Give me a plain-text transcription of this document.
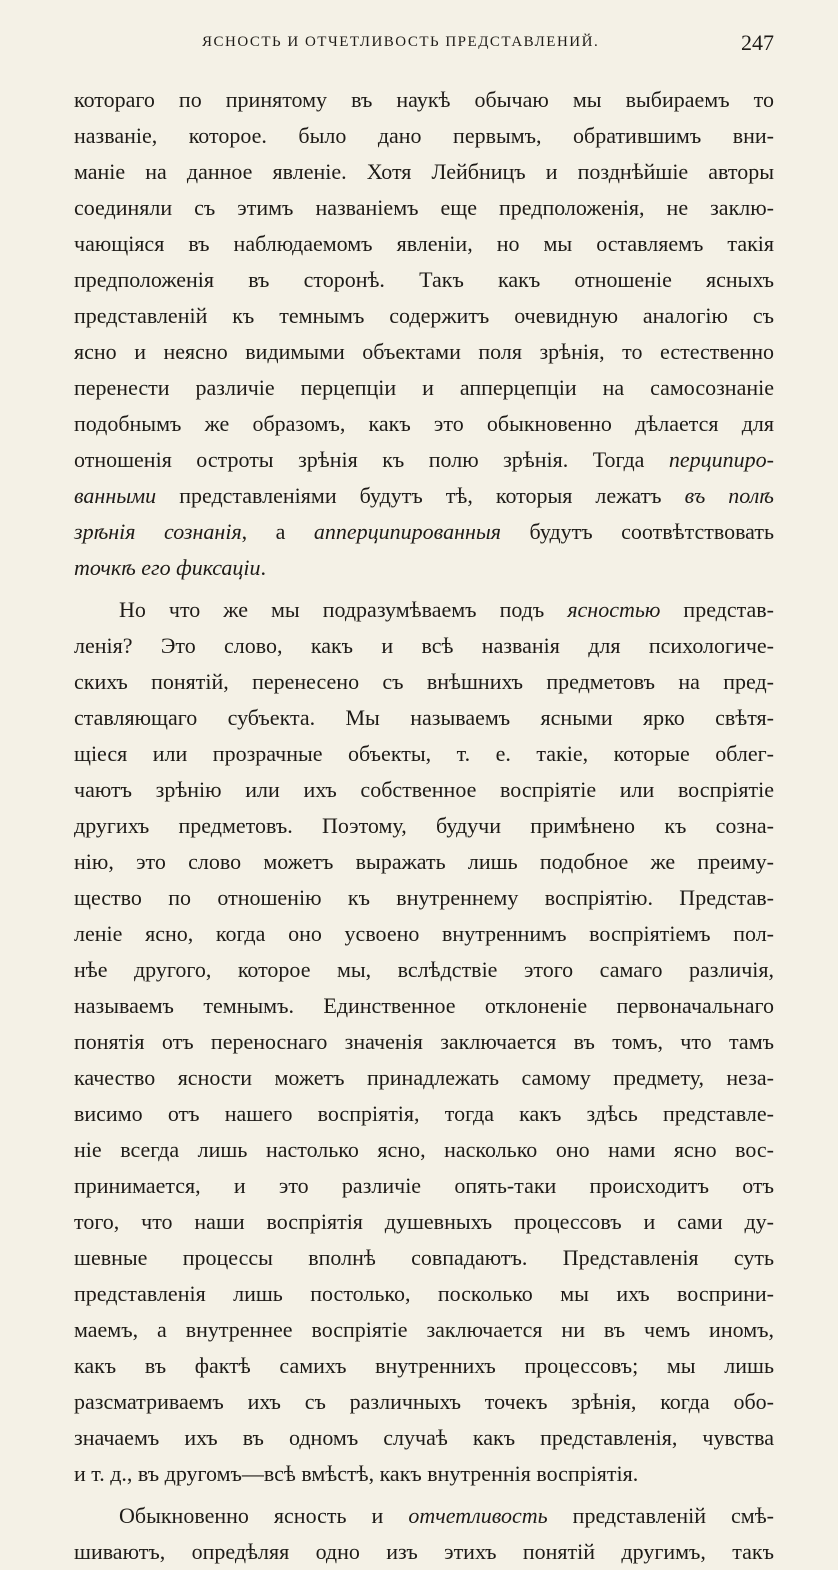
ЯСНОСТЬ И ОТЧЕТЛИВОСТЬ ПРЕДСТАВЛЕНИЙ.	247
котораго по принятому въ наукѣ обычаю мы выбираемъ то
названіе, которое. было дано первымъ, обратившимъ вни-
маніе на данное явленіе. Хотя Лейбницъ и позднѣйшіе авторы
соединяли съ этимъ названіемъ еще предположенія, не заклю-
чающіяся въ наблюдаемомъ явленіи, но мы оставляемъ такія
предположенія въ сторонѣ. Такъ какъ отношеніе ясныхъ
представленій къ темнымъ содержитъ очевидную аналогію съ
ясно и неясно видимыми объектами поля зрѣнія, то естественно
перенести различіе перцепціи и апперцепціи на самосознаніе
подобнымъ же образомъ, какъ это обыкновенно дѣлается для
отношенія остроты зрѣнія къ полю зрѣнія. Тогда перципиро-
ванными представленіями будутъ тѣ, которыя лежатъ въ полѣ
зрѣнія сознанія, а апперципированныя будутъ соотвѣтствовать
точкѣ его фиксаціи.
Но что же мы подразумѣваемъ подъ ясностью представ-
ленія? Это слово, какъ и всѣ названія для психологиче-
скихъ понятій, перенесено съ внѣшнихъ предметовъ на пред-
ставляющаго субъекта. Мы называемъ ясными ярко свѣтя-
щіеся или прозрачные объекты, т. е. такіе, которые облег-
чаютъ зрѣнію или ихъ собственное воспріятіе или воспріятіе
другихъ предметовъ. Поэтому, будучи примѣнено къ созна-
нію, это слово можетъ выражать лишь подобное же преиму-
щество по отношенію къ внутреннему воспріятію. Представ-
леніе ясно, когда оно усвоено внутреннимъ воспріятіемъ пол-
нѣе другого, которое мы, вслѣдствіе этого самаго различія,
называемъ темнымъ. Единственное отклоненіе первоначальнаго
понятія отъ переноснаго значенія заключается въ томъ, что тамъ
качество ясности можетъ принадлежать самому предмету, неза-
висимо отъ нашего воспріятія, тогда какъ здѣсь представле-
ніе всегда лишь настолько ясно, насколько оно нами ясно вос-
принимается, и это различіе опять-таки происходитъ отъ
того, что наши воспріятія душевныхъ процессовъ и сами ду-
шевные процессы вполнѣ совпадаютъ. Представленія суть
представленія лишь постолько, посколько мы ихъ восприни-
маемъ, а внутреннее воспріятіе заключается ни въ чемъ иномъ,
какъ въ фактѣ самихъ внутреннихъ процессовъ; мы лишь
разсматриваемъ ихъ съ различныхъ точекъ зрѣнія, когда обо-
значаемъ ихъ въ одномъ случаѣ какъ представленія, чувства
и т. д., въ другомъ—всѣ вмѣстѣ, какъ внутреннія воспріятія.
Обыкновенно ясность и отчетливость представленій смѣ-
шиваютъ, опредѣляя одно изъ этихъ понятій другимъ, такъ
